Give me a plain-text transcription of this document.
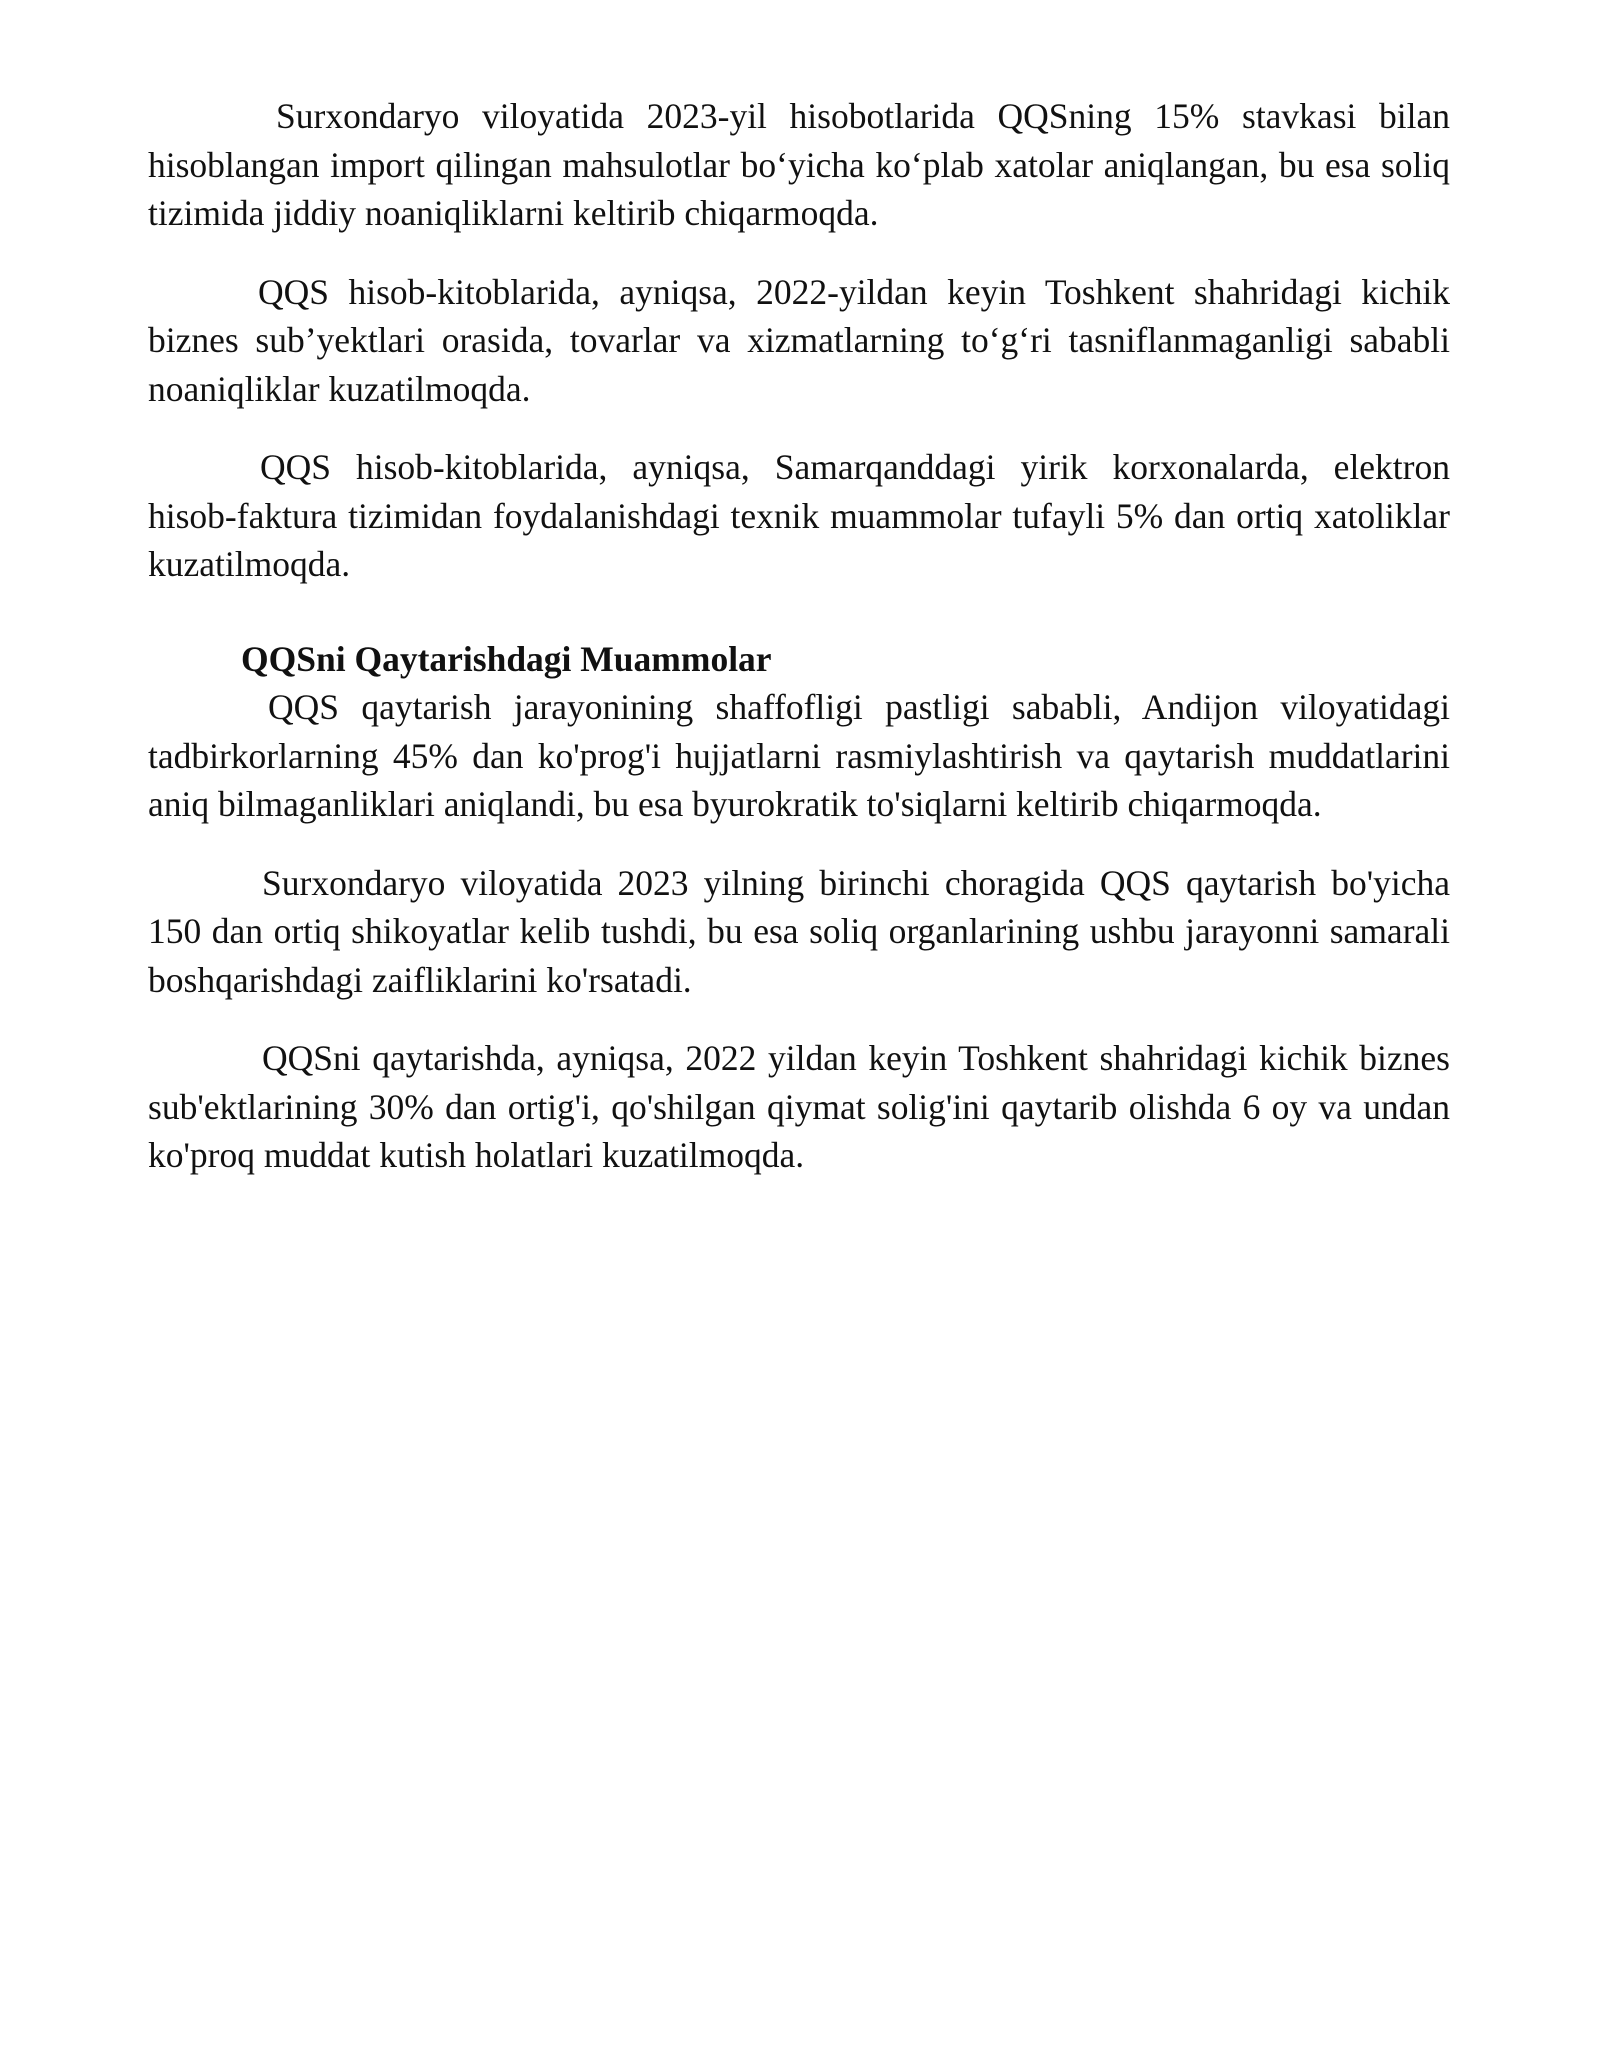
Surxondaryo viloyatida 2023-yil hisobotlarida QQSning 15% stavkasi bilan hisoblangan import qilingan mahsulotlar bo‘yicha ko‘plab xatolar aniqlangan, bu esa soliq tizimida jiddiy noaniqliklarni keltirib chiqarmoqda.

QQS hisob-kitoblarida, ayniqsa, 2022-yildan keyin Toshkent shahridagi kichik biznes sub’yektlari orasida, tovarlar va xizmatlarning to‘g‘ri tasniflanmaganligi sababli noaniqliklar kuzatilmoqda.

QQS hisob-kitoblarida, ayniqsa, Samarqanddagi yirik korxonalarda, elektron hisob-faktura tizimidan foydalanishdagi texnik muammolar tufayli 5% dan ortiq xatoliklar kuzatilmoqda.

QQSni Qaytarishdagi Muammolar

QQS qaytarish jarayonining shaffofligi pastligi sababli, Andijon viloyatidagi tadbirkorlarning 45% dan ko'prog'i hujjatlarni rasmiylashtirish va qaytarish muddatlarini aniq bilmaganliklari aniqlandi, bu esa byurokratik to'siqlarni keltirib chiqarmoqda.

Surxondaryo viloyatida 2023 yilning birinchi choragida QQS qaytarish bo'yicha 150 dan ortiq shikoyatlar kelib tushdi, bu esa soliq organlarining ushbu jarayonni samarali boshqarishdagi zaifliklarini ko'rsatadi.

QQSni qaytarishda, ayniqsa, 2022 yildan keyin Toshkent shahridagi kichik biznes sub'ektlarining 30% dan ortig'i, qo'shilgan qiymat solig'ini qaytarib olishda 6 oy va undan ko'proq muddat kutish holatlari kuzatilmoqda.
